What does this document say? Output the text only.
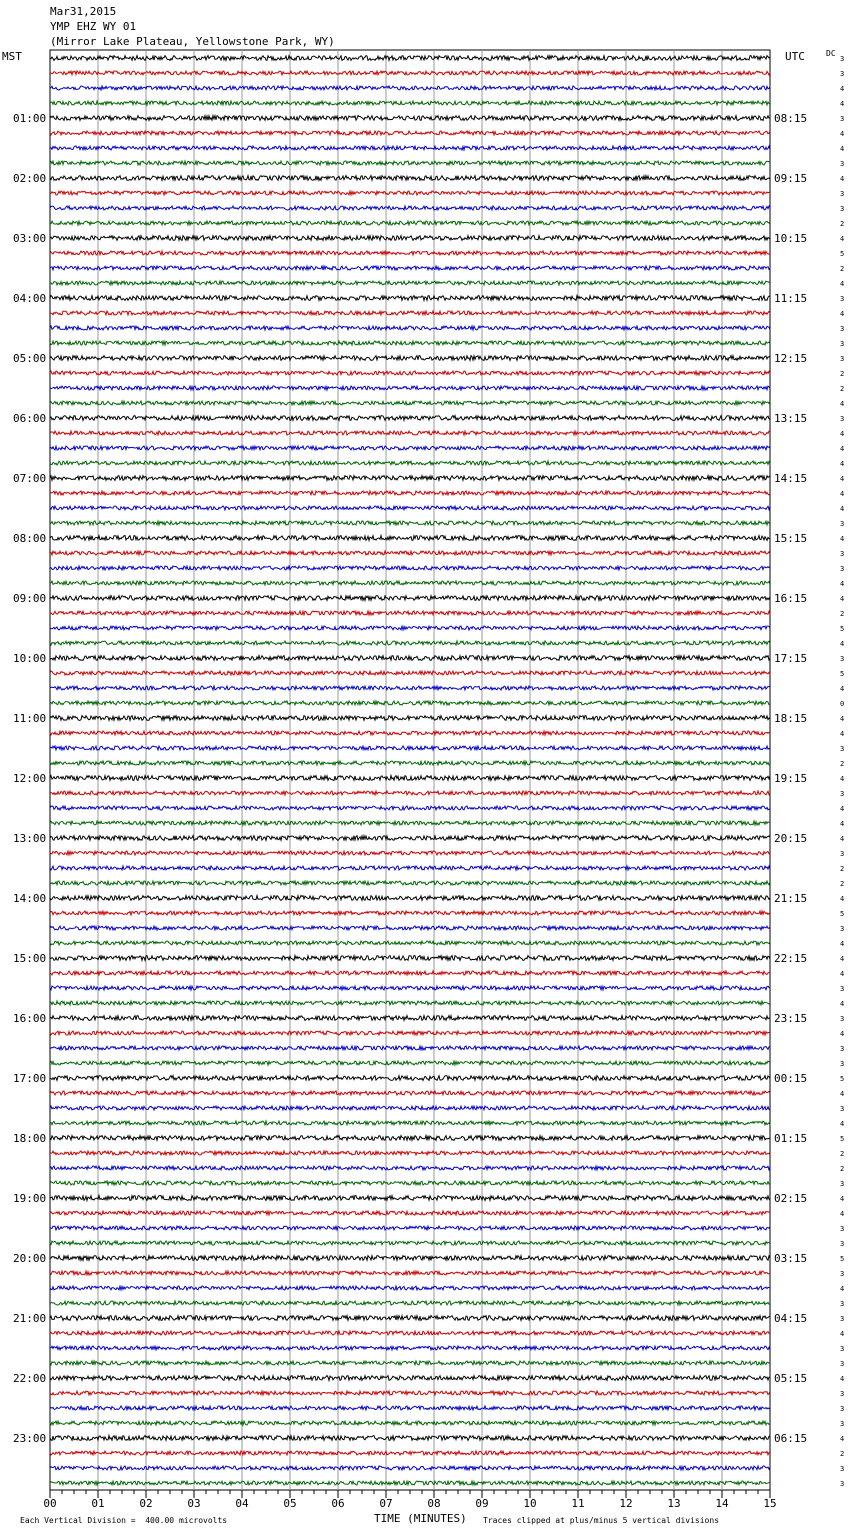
Mar31,2015
YMP EHZ WY 01
(Mirror Lake Plateau, Yellowstone Park, WY)
MST	UTC	DC
3
3
4
4
3
4
4
3
4
3
3
2
4
5
2
4
3
4
3
3
3
2
2
4
3
4
4
4
4
4
4
3
4
3
3
4
4
2
5
4
3
5
4
0
4
4
3
2
4
3
4
4
4
3
2
2
4
5
3
4
4
4
3
4
3
4
3
3
5
4
3
4
5
2
2
3
4
4
3
3
5
3
4
3
3
4
3
3
4
3
3
3
4
2
3
3
01:00	08:15
02:00	09:15
03:00	10:15
04:00	11:15
05:00	12:15
06:00	13:15
07:00	14:15
08:00	15:15
09:00	16:15
10:00	17:15
11:00	18:15
12:00	19:15
13:00	20:15
14:00	21:15
15:00	22:15
16:00	23:15
17:00	00:15
18:00	01:15
19:00	02:15
20:00	03:15
21:00	04:15
22:00	05:15
23:00	06:15
00	01	02	03	04	05	06	07	08	09	10	11	12	13	14	15
TIME (MINUTES)
Each Vertical Division =  400.00 microvolts	Traces clipped at plus/minus 5 vertical divisions
